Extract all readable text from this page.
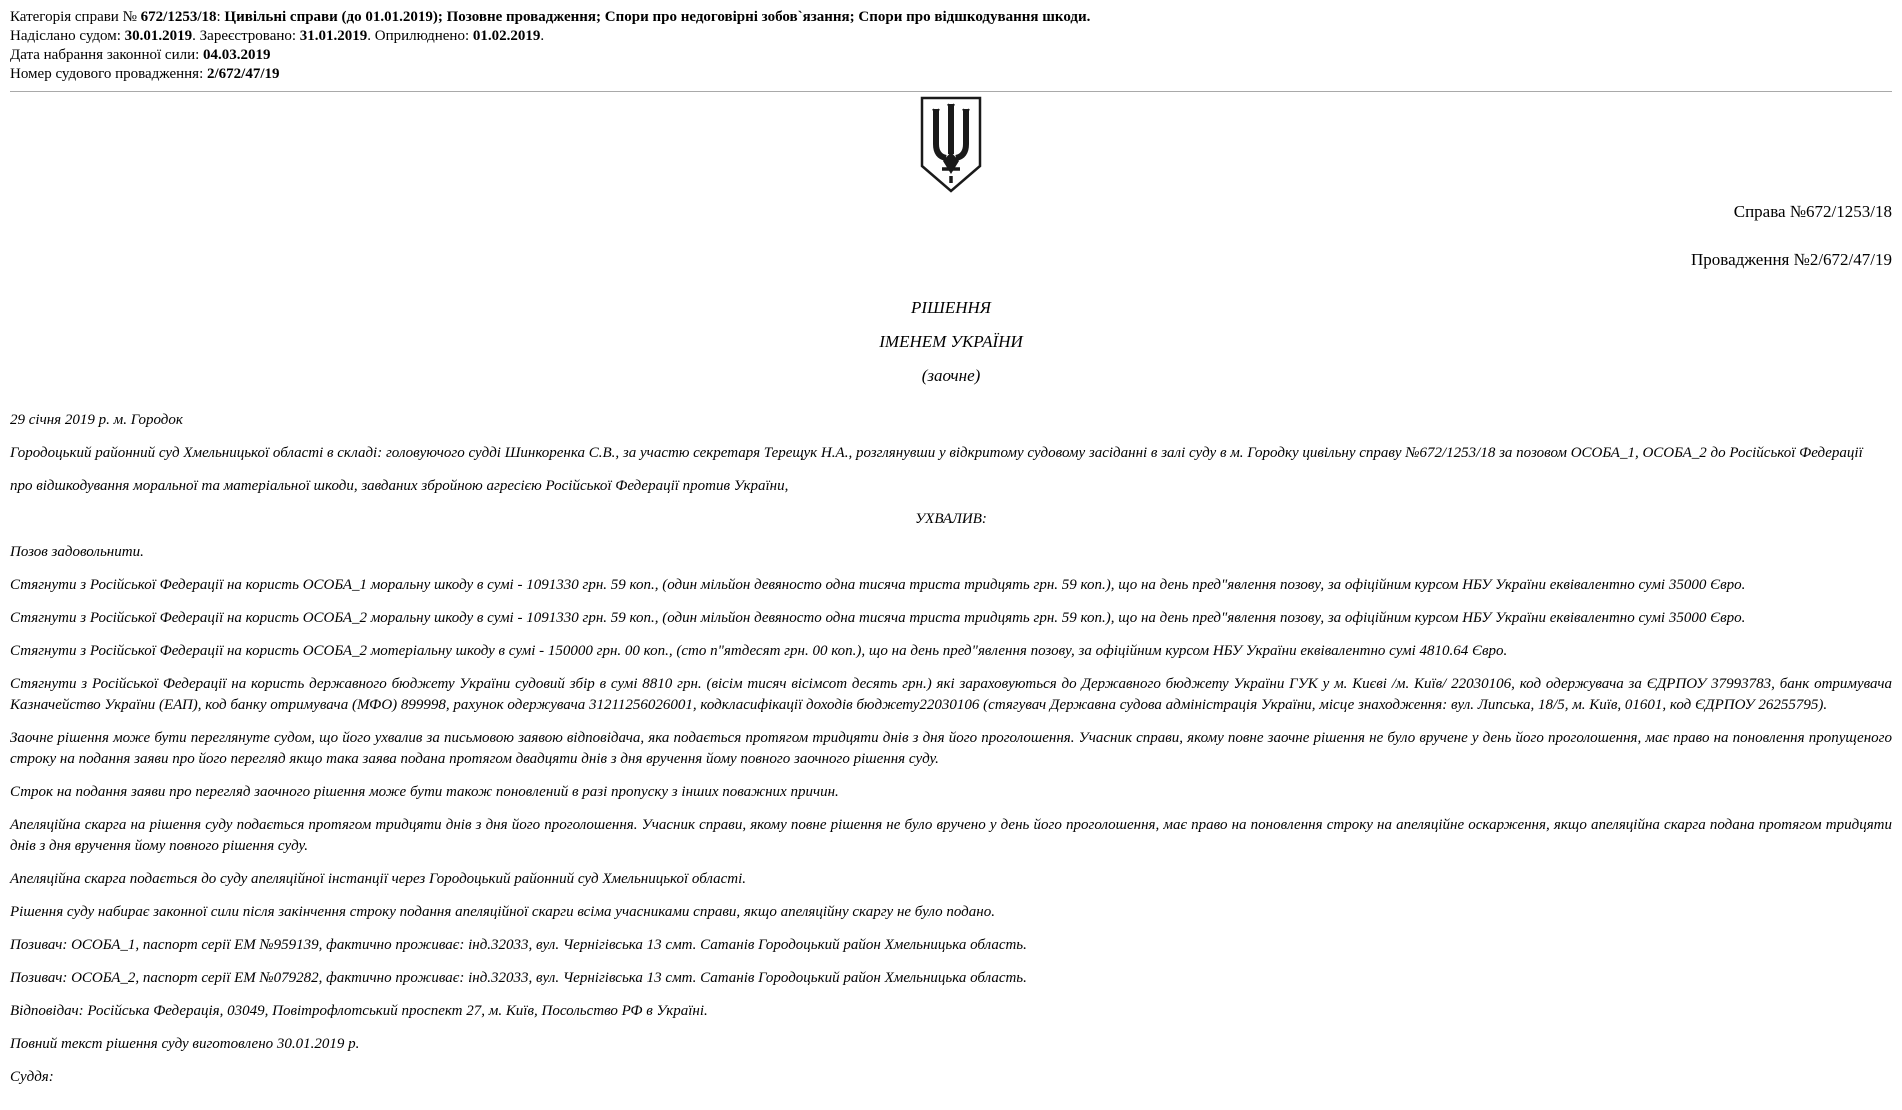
Категорія справи № 672/1253/18: Цивільні справи (до 01.01.2019); Позовне провадження; Спори про недоговірні зобов`язання; Спори про відшкодування шкоди.
Надіслано судом: 30.01.2019. Зареєстровано: 31.01.2019. Оприлюднено: 01.02.2019.
Дата набрання законної сили: 04.03.2019
Номер судового провадження: 2/672/47/19
Справа №672/1253/18
Провадження №2/672/47/19
РІШЕННЯ
ІМЕНЕМ УКРАЇНИ
(заочне)

29 січня 2019 р. м. Городок

Городоцький районний суд Хмельницької області в складі: головуючого судді Шинкоренка С.В., за участю секретаря Терещук Н.А., розглянувши у відкритому судовому засіданні в залі суду в м. Городку цивільну справу №672/1253/18 за позовом ОСОБА_1, ОСОБА_2 до Російської Федерації

про відшкодування моральної та матеріальної шкоди, завданих збройною агресією Російської Федерації против України,

УХВАЛИВ:

Позов задовольнити.

Стягнути з Російської Федерації на користь ОСОБА_1 моральну шкоду в сумі - 1091330 грн. 59 коп., (один мільйон девяносто одна тисяча триста тридцять грн. 59 коп.), що на день пред"явлення позову, за офіційним курсом НБУ України еквівалентно сумі 35000 Євро.

Стягнути з Російської Федерації на користь ОСОБА_2 моральну шкоду в сумі - 1091330 грн. 59 коп., (один мільйон девяносто одна тисяча триста тридцять грн. 59 коп.), що на день пред"явлення позову, за офіційним курсом НБУ України еквівалентно сумі 35000 Євро.

Стягнути з Російської Федерації на користь ОСОБА_2 мотеріальну шкоду в сумі - 150000 грн. 00 коп., (сто п"ятдесят грн. 00 коп.), що на день пред"явлення позову, за офіційним курсом НБУ України еквівалентно сумі 4810.64 Євро.

Стягнути з Російської Федерації на користь державного бюджету України судовий збір в сумі 8810 грн. (вісім тисяч вісімсот десять грн.) які зараховуються до Державного бюджету України ГУК у м. Києві /м. Київ/ 22030106, код одержувача за ЄДРПОУ 37993783, банк отримувача Казначейство України (ЕАП), код банку отримувача (МФО) 899998, рахунок одержувача 31211256026001, кодкласифікації доходів бюджету22030106 (стягувач Державна судова адміністрація України, місце знаходження: вул. Липська, 18/5, м. Київ, 01601, код ЄДРПОУ 26255795).

Заочне рішення може бути переглянуте судом, що його ухвалив за письмовою заявою відповідача, яка подається протягом тридцяти днів з дня його проголошення. Учасник справи, якому повне заочне рішення не було вручене у день його проголошення, має право на поновлення пропущеного строку на подання заяви про його перегляд якщо така заява подана протягом двадцяти днів з дня вручення йому повного заочного рішення суду.

Строк на подання заяви про перегляд заочного рішення може бути також поновлений в разі пропуску з інших поважних причин.

Апеляційна скарга на рішення суду подається протягом тридцяти днів з дня його проголошення. Учасник справи, якому повне рішення не було вручено у день його проголошення, має право на поновлення строку на апеляційне оскарження, якщо апеляційна скарга подана протягом тридцяти днів з дня вручення йому повного рішення суду.

Апеляційна скарга подається до суду апеляційної інстанції через Городоцький районний суд Хмельницької області.

Рішення суду набирає законної сили після закінчення строку подання апеляційної скарги всіма учасниками справи, якщо апеляційну скаргу не було подано.

Позивач: ОСОБА_1, паспорт серії ЕМ №959139, фактично проживає: інд.32033, вул. Чернігівська 13 смт. Сатанів Городоцький район Хмельницька область.

Позивач: ОСОБА_2, паспорт серії ЕМ №079282, фактично проживає: інд.32033, вул. Чернігівська 13 смт. Сатанів Городоцький район Хмельницька область.

Відповідач: Російська Федерація, 03049, Повітрофлотський проспект 27, м. Київ, Посольство РФ в Україні.

Повний текст рішення суду виготовлено 30.01.2019 р.

Суддя:
